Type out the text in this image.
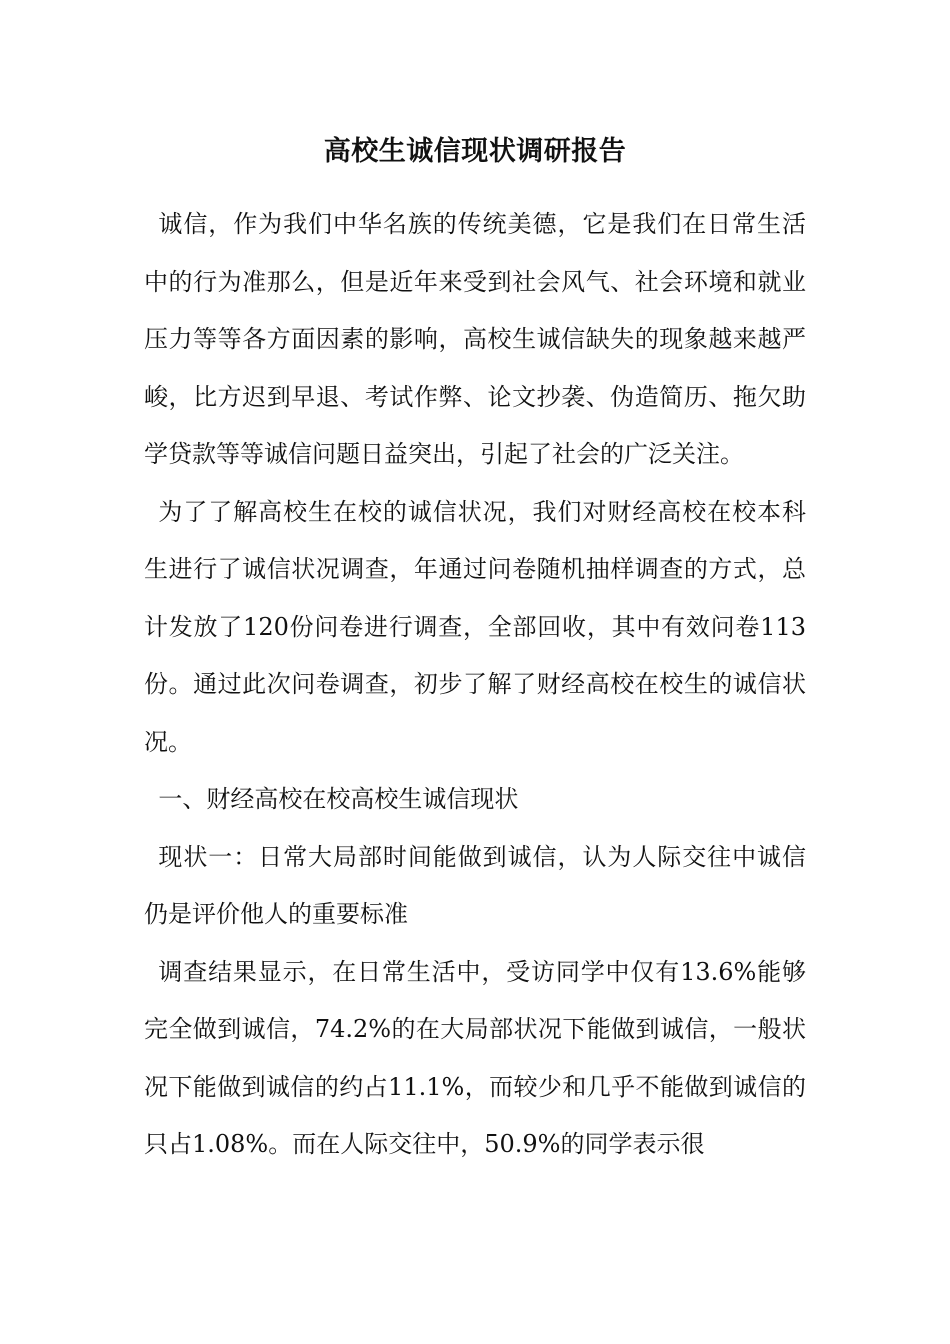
高校生诚信现状调研报告

诚信，作为我们中华名族的传统美德，它是我们在日常生活中的行为准那么，但是近年来受到社会风气、社会环境和就业压力等等各方面因素的影响，高校生诚信缺失的现象越来越严峻，比方迟到早退、考试作弊、论文抄袭、伪造简历、拖欠助学贷款等等诚信问题日益突出，引起了社会的广泛关注。

为了了解高校生在校的诚信状况，我们对财经高校在校本科生进行了诚信状况调查，年通过问卷随机抽样调查的方式，总计发放了120份问卷进行调查，全部回收，其中有效问卷113份。通过此次问卷调查，初步了解了财经高校在校生的诚信状况。

一、财经高校在校高校生诚信现状

现状一：日常大局部时间能做到诚信，认为人际交往中诚信仍是评价他人的重要标准

调查结果显示，在日常生活中，受访同学中仅有13.6%能够完全做到诚信，74.2%的在大局部状况下能做到诚信，一般状况下能做到诚信的约占11.1%，而较少和几乎不能做到诚信的只占1.08%。而在人际交往中，50.9%的同学表示很
